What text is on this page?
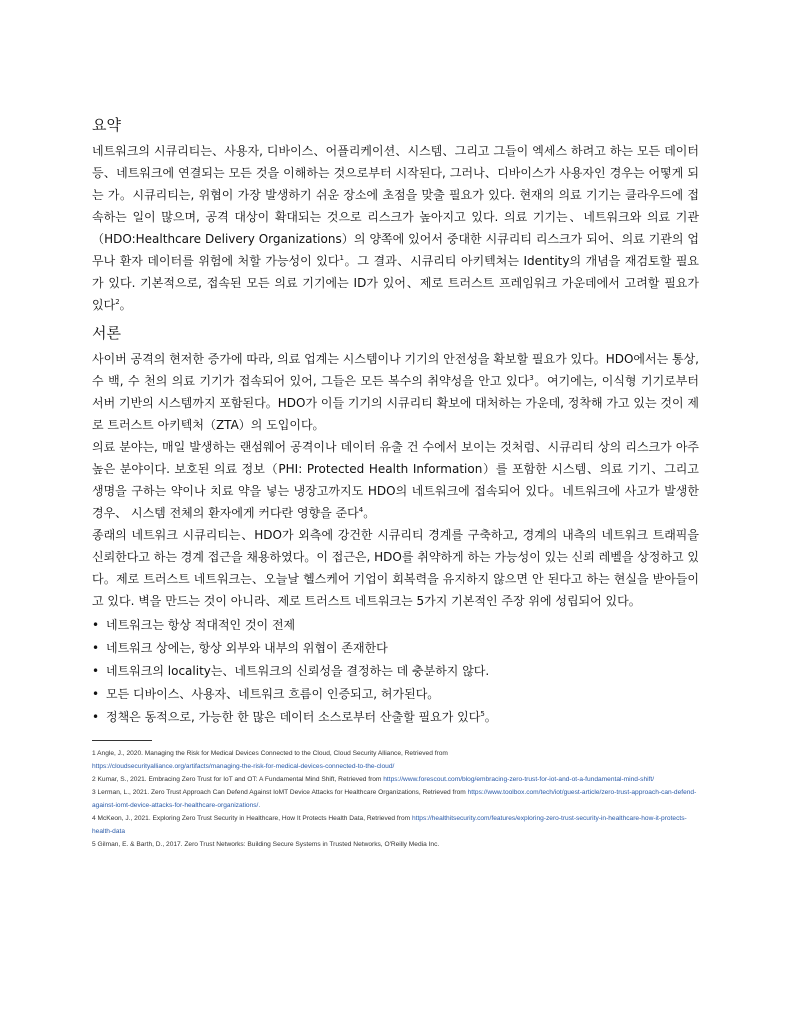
요약

네트워크의 시큐리티는、사용자, 디바이스、어플리케이션、시스템、그리고 그들이 엑세스 하려고 하는 모든 데이터 등、네트워크에 연결되는 모든 것을 이해하는 것으로부터 시작된다, 그러나、디바이스가 사용자인 경우는 어떻게 되는 가。시큐리티는, 위협이 가장 발생하기 쉬운 장소에 초점을 맞출 필요가 있다. 현재의 의료 기기는 클라우드에 접속하는 일이 많으며, 공격 대상이 확대되는 것으로 리스크가 높아지고 있다. 의료 기기는、네트워크와 의료 기관（HDO:Healthcare Delivery Organizations）의 양쪽에 있어서 중대한 시큐리티 리스크가 되어、의료 기관의 업무나 환자 데이터를 위험에 처할 가능성이 있다$^1$。그 결과、시큐리티 아키텍쳐는 Identity의 개념을 재검토할 필요가 있다. 기본적으로, 접속된 모든 의료 기기에는 ID가 있어、제로 트러스트 프레임워크 가운데에서 고려할 필요가 있다$^2$。

서론

사이버 공격의 현저한 증가에 따라, 의료 업계는 시스템이나 기기의 안전성을 확보할 필요가 있다。HDO에서는 통상, 수 백, 수 천의 의료 기기가 접속되어 있어, 그들은 모든 복수의 취약성을 안고 있다$^3$。여기에는, 이식형 기기로부터 서버 기반의 시스템까지 포함된다。HDO가 이들 기기의 시큐리티 확보에 대처하는 가운데, 정착해 가고 있는 것이 제로 트러스트 아키텍처（ZTA）의 도입이다。

의료 분야는, 매일 발생하는 랜섬웨어 공격이나 데이터 유출 건 수에서 보이는 것처럼、시큐리티 상의 리스크가 아주 높은 분야이다. 보호된 의료 정보（PHI: Protected Health Information）를 포함한 시스템、의료 기기、그리고 생명을 구하는 약이나 치료 약을 넣는 냉장고까지도 HDO의 네트워크에 접속되어 있다。네트워크에 사고가 발생한 경우、 시스템 전체의 환자에게 커다란 영향을 준다$^4$。

종래의 네트워크 시큐리티는、HDO가 외측에 강건한 시큐리티 경계를 구축하고, 경계의 내측의 네트워크 트래픽을 신뢰한다고 하는 경계 접근을 채용하였다。이 접근은, HDO를 취약하게 하는 가능성이 있는 신뢰 레벨을 상정하고 있다。제로 트러스트 네트워크는、오늘날 헬스케어 기업이 회복력을 유지하지 않으면 안 된다고 하는 현실을 받아들이고 있다. 벽을 만드는 것이 아니라、제로 트러스트 네트워크는 5가지 기본적인 주장 위에 성립되어 있다。

• 네트워크는 항상 적대적인 것이 전제
• 네트워크 상에는, 항상 외부와 내부의 위협이 존재한다
• 네트워크의 locality는、네트워크의 신뢰성을 결정하는 데 충분하지 않다.
• 모든 디바이스、사용자、네트워크 흐름이 인증되고, 허가된다。
• 정책은 동적으로, 가능한 한 많은 데이터 소스로부터 산출할 필요가 있다$^5$。
1 Angle, J., 2020. Managing the Risk for Medical Devices Connected to the Cloud, Cloud Security Alliance, Retrieved from
https://cloudsecurityalliance.org/artifacts/managing-the-risk-for-medical-devices-connected-to-the-cloud/
2 Kumar, S., 2021. Embracing Zero Trust for IoT and OT: A Fundamental Mind Shift, Retrieved from https://www.forescout.com/blog/embracing-zero-trust-for-iot-and-ot-a-fundamental-mind-shift/
3 Lerman, L., 2021. Zero Trust Approach Can Defend Against IoMT Device Attacks for Healthcare Organizations, Retrieved from https://www.toolbox.com/tech/iot/guest-article/zero-trust-approach-can-defend-against-iomt-device-attacks-for-healthcare-organizations/.
4 McKeon, J., 2021. Exploring Zero Trust Security in Healthcare, How It Protects Health Data, Retrieved from https://healthitsecurity.com/features/exploring-zero-trust-security-in-healthcare-how-it-protects-health-data
5 Gilman, E. & Barth, D., 2017. Zero Trust Networks: Building Secure Systems in Trusted Networks, O'Reilly Media Inc.
